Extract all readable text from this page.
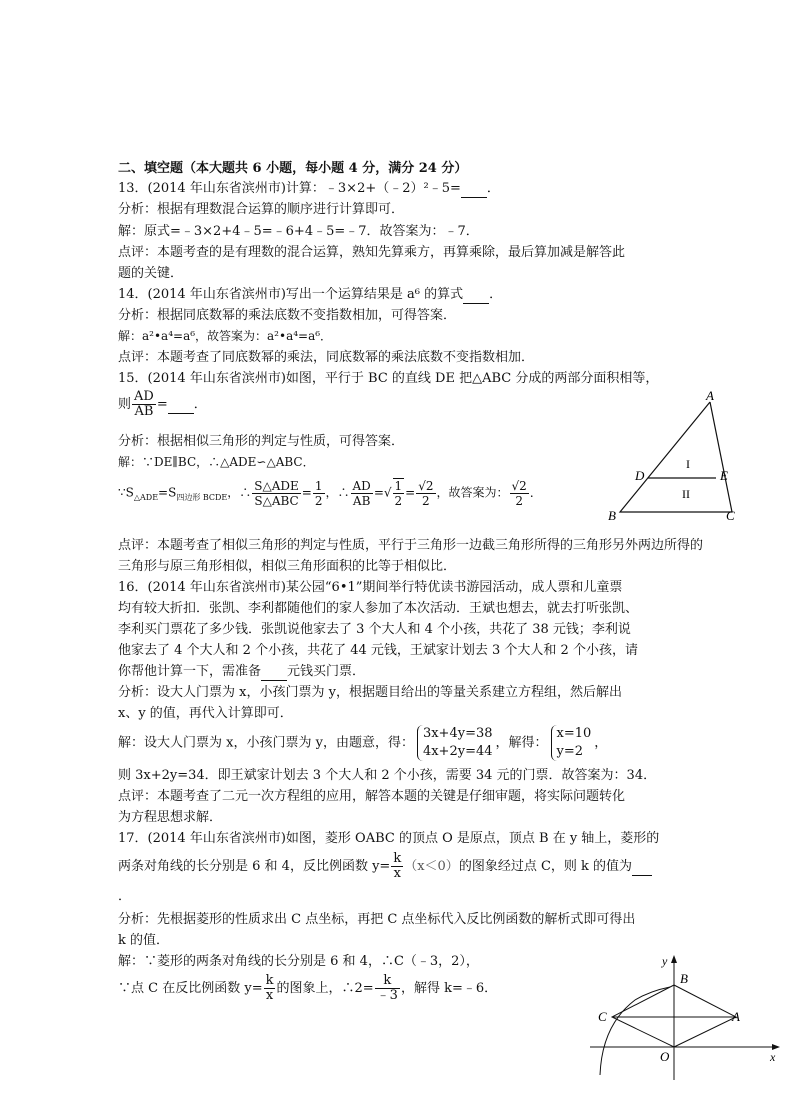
二、填空题（本大题共 6 小题，每小题 4 分，满分 24 分）
13．(2014 年山东省滨州市)计算：﹣3×2+（﹣2）²﹣5= ．
分析：根据有理数混合运算的顺序进行计算即可．
解：原式=﹣3×2+4﹣5=﹣6+4﹣5=﹣7．故答案为：﹣7．
点评：本题考查的是有理数的混合运算，熟知先算乘方，再算乘除，最后算加减是解答此
题的关键．
14．(2014 年山东省滨州市)写出一个运算结果是 a⁶ 的算式 ．
分析：根据同底数幂的乘法底数不变指数相加，可得答案．
解：a²•a⁴=a⁶，故答案为：a²•a⁴=a⁶．
点评：本题考查了同底数幂的乘法，同底数幂的乘法底数不变指数相加．
15．(2014 年山东省滨州市)如图，平行于 BC 的直线 DE 把△ABC 分成的两部分面积相等，
则 $\frac{AD}{AB}$ = ．
分析：根据相似三角形的判定与性质，可得答案．
解：∵DE∥BC，∴△ADE∽△ABC．
$\because S_{\triangle ADE}=S_{四边形 BCDE}$，∴ $\frac{\text{S△ADE}}{\text{S△ABC}} = \frac{1}{2}$ ，∴ $\frac{AD}{AB}$ =√ $\frac{1}{2} = \frac{√2}{2}$ ，故答案为： $\frac{√2}{2}$ ．
点评：本题考查了相似三角形的判定与性质，平行于三角形一边截三角形所得的三角形另外两边所得的
三角形与原三角形相似，相似三角形面积的比等于相似比．
A
B	C
D	E
I
II
16．(2014 年山东省滨州市)某公园“6•1”期间举行特优读书游园活动，成人票和儿童票
均有较大折扣．张凯、李利都随他们的家人参加了本次活动．王斌也想去，就去打听张凯、
李利买门票花了多少钱．张凯说他家去了 3 个大人和 4 个小孩，共花了 38 元钱；李利说
他家去了 4 个大人和 2 个小孩，共花了 44 元钱，王斌家计划去 3 个大人和 2 个小孩，请
你帮他计算一下，需准备 元钱买门票．
分析：设大人门票为 x，小孩门票为 y，根据题目给出的等量关系建立方程组，然后解出
x、y 的值，再代入计算即可．
解：设大人门票为 x，小孩门票为 y，由题意，得：
3x+4y=38
4x+2y=44
，解得：
x=10
y=2
，
则 3x+2y=34．即王斌家计划去 3 个大人和 2 个小孩，需要 34 元的门票．故答案为：34．
点评：本题考查了二元一次方程组的应用，解答本题的关键是仔细审题，将实际问题转化
为方程思想求解．
17．(2014 年山东省滨州市)如图，菱形 OABC 的顶点 O 是原点，顶点 B 在 y 轴上，菱形的
两条对角线的长分别是 6 和 4，反比例函数 $y= \frac{k}{x} (x<0)$的图象经过点 C，则 k 的值为
．
分析：先根据菱形的性质求出 C 点坐标，再把 C 点坐标代入反比例函数的解析式即可得出
k 的值．
解：∵菱形的两条对角线的长分别是 6 和 4，∴C（﹣3，2），
∵点 C 在反比例函数 $y= \frac{k}{x}$ 的图象上，∴2= $\frac{k}{﹣3}$ ，解得 k=﹣6．
y
x
B
C	A
O
